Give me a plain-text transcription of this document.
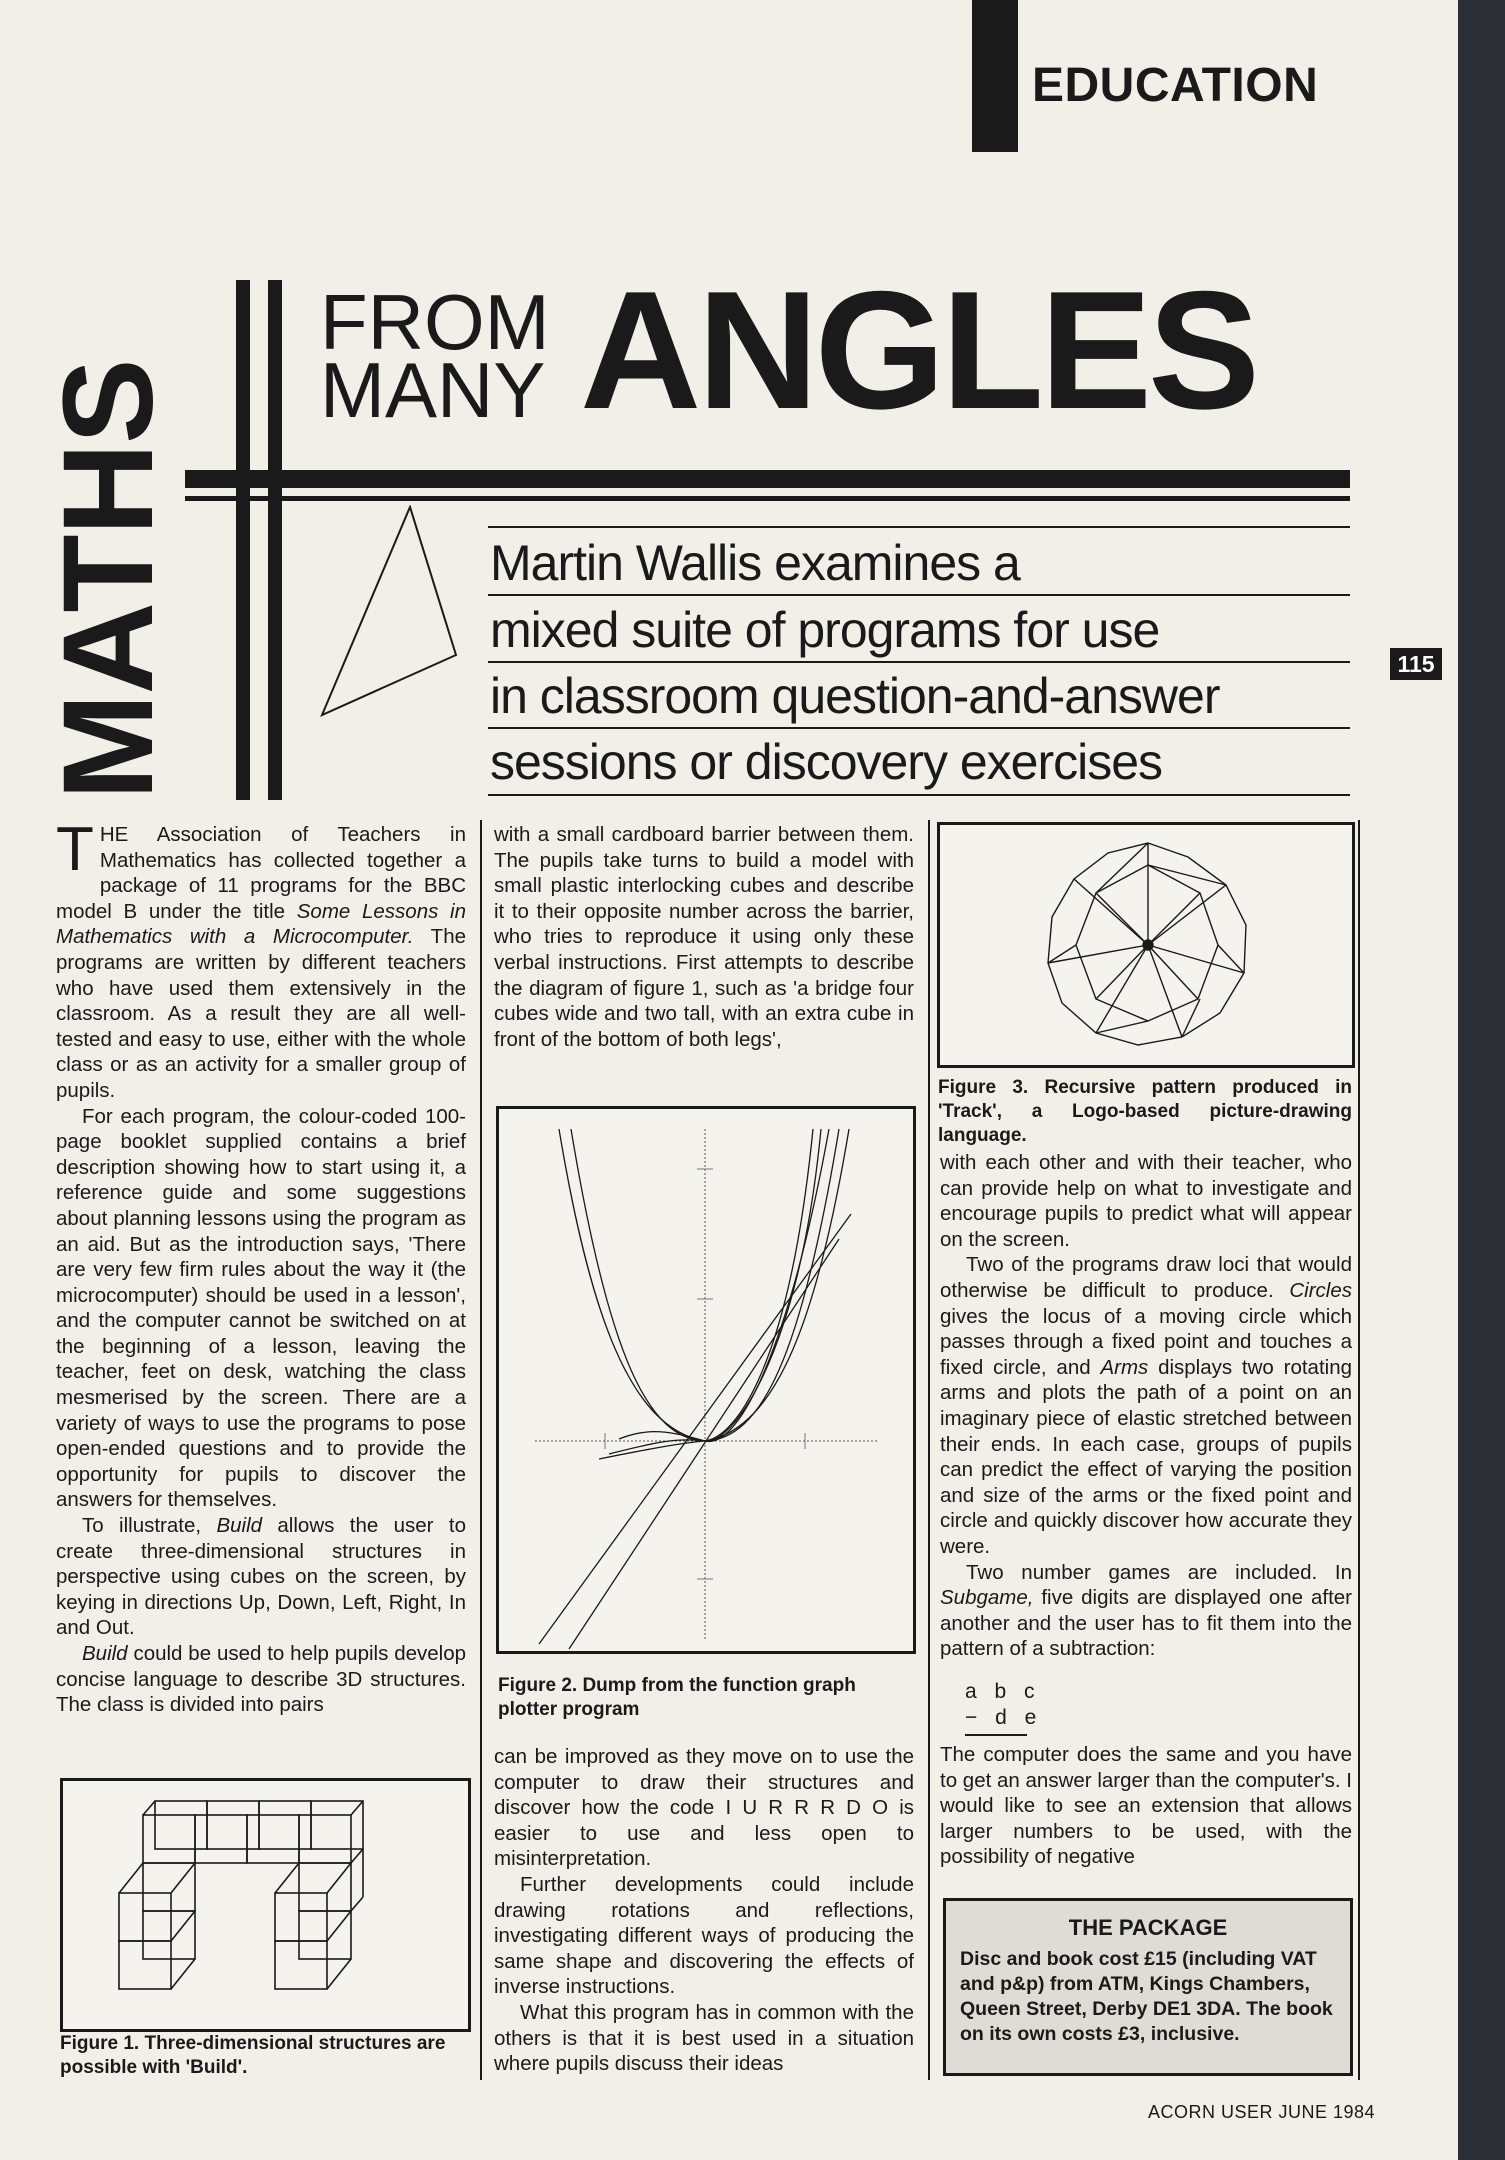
115
EDUCATION
MATHS
FROM
MANY ANGLES
Martin Wallis examines a
mixed suite of programs for use
in classroom question-and-answer
sessions or discovery exercises

THE Association of Teachers in Mathematics has collected together a package of 11 programs for the BBC model B under the title Some Lessons in Mathematics with a Microcomputer. The programs are written by different teachers who have used them extensively in the classroom. As a result they are all well-tested and easy to use, either with the whole class or as an activity for a smaller group of pupils.

For each program, the colour-coded 100-page booklet supplied contains a brief description showing how to start using it, a reference guide and some suggestions about planning lessons using the program as an aid. But as the introduction says, 'There are very few firm rules about the way it (the microcomputer) should be used in a lesson', and the computer cannot be switched on at the beginning of a lesson, leaving the teacher, feet on desk, watching the class mesmerised by the screen. There are a variety of ways to use the programs to pose open-ended questions and to provide the opportunity for pupils to discover the answers for themselves.

To illustrate, Build allows the user to create three-dimensional structures in perspective using cubes on the screen, by keying in directions Up, Down, Left, Right, In and Out.

Build could be used to help pupils develop concise language to describe 3D structures. The class is divided into pairs

Figure 1. Three-dimensional structures are possible with 'Build'.

with a small cardboard barrier between them. The pupils take turns to build a model with small plastic interlocking cubes and describe it to their opposite number across the barrier, who tries to reproduce it using only these verbal instructions. First attempts to describe the diagram of figure 1, such as 'a bridge four cubes wide and two tall, with an extra cube in front of the bottom of both legs',

Figure 2. Dump from the function graph plotter program

can be improved as they move on to use the computer to draw their structures and discover how the code I U R R R D O is easier to use and less open to misinterpretation.

Further developments could include drawing rotations and reflections, investigating different ways of producing the same shape and discovering the effects of inverse instructions.

What this program has in common with the others is that it is best used in a situation where pupils discuss their ideas

Figure 3. Recursive pattern produced in 'Track', a Logo-based picture-drawing language.

with each other and with their teacher, who can provide help on what to investigate and encourage pupils to predict what will appear on the screen.

Two of the programs draw loci that would otherwise be difficult to produce. Circles gives the locus of a moving circle which passes through a fixed point and touches a fixed circle, and Arms displays two rotating arms and plots the path of a point on an imaginary piece of elastic stretched between their ends. In each case, groups of pupils can predict the effect of varying the position and size of the arms or the fixed point and circle and quickly discover how accurate they were.

Two number games are included. In Subgame, five digits are displayed one after another and the user has to fit them into the pattern of a subtraction:

a b c
− d e

The computer does the same and you have to get an answer larger than the computer's. I would like to see an extension that allows larger numbers to be used, with the possibility of negative

THE PACKAGE
Disc and book cost £15 (including VAT and p&p) from ATM, Kings Chambers, Queen Street, Derby DE1 3DA. The book on its own costs £3, inclusive.
ACORN USER JUNE 1984
